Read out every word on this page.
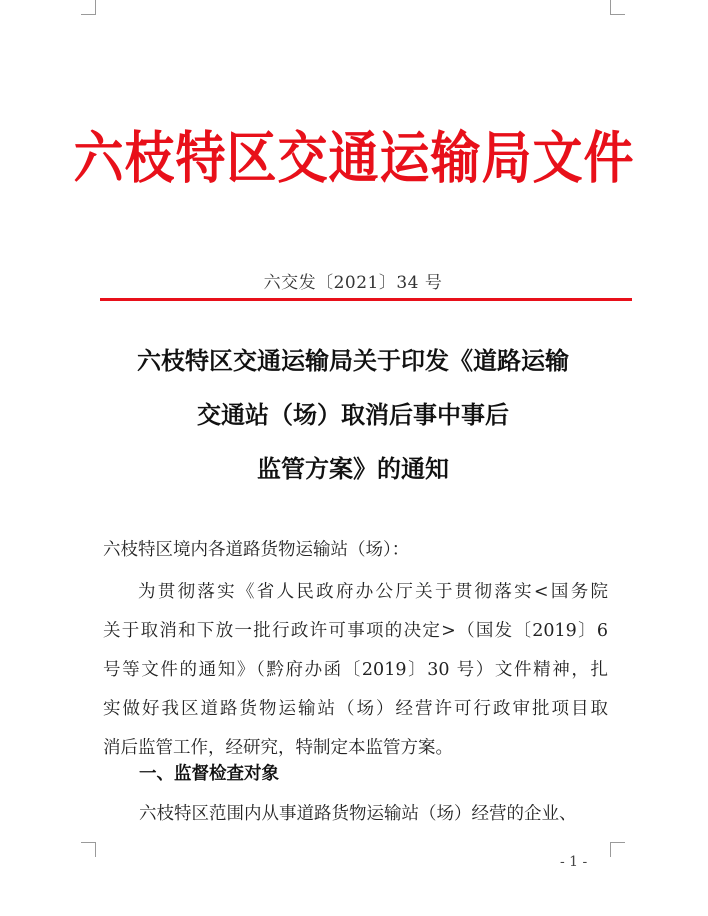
六枝特区交通运输局文件
六交发〔2021〕34 号
六枝特区交通运输局关于印发《道路运输
交通站（场）取消后事中事后
监管方案》的通知
六枝特区境内各道路货物运输站（场）：
为贯彻落实《省人民政府办公厅关于贯彻落实<国务院
关于取消和下放一批行政许可事项的决定>（国发〔2019〕6
号等文件的通知》（黔府办函〔2019〕30 号）文件精神，扎
实做好我区道路货物运输站（场）经营许可行政审批项目取
消后监管工作，经研究，特制定本监管方案。
一、监督检查对象
六枝特区范围内从事道路货物运输站（场）经营的企业、
- 1 -
